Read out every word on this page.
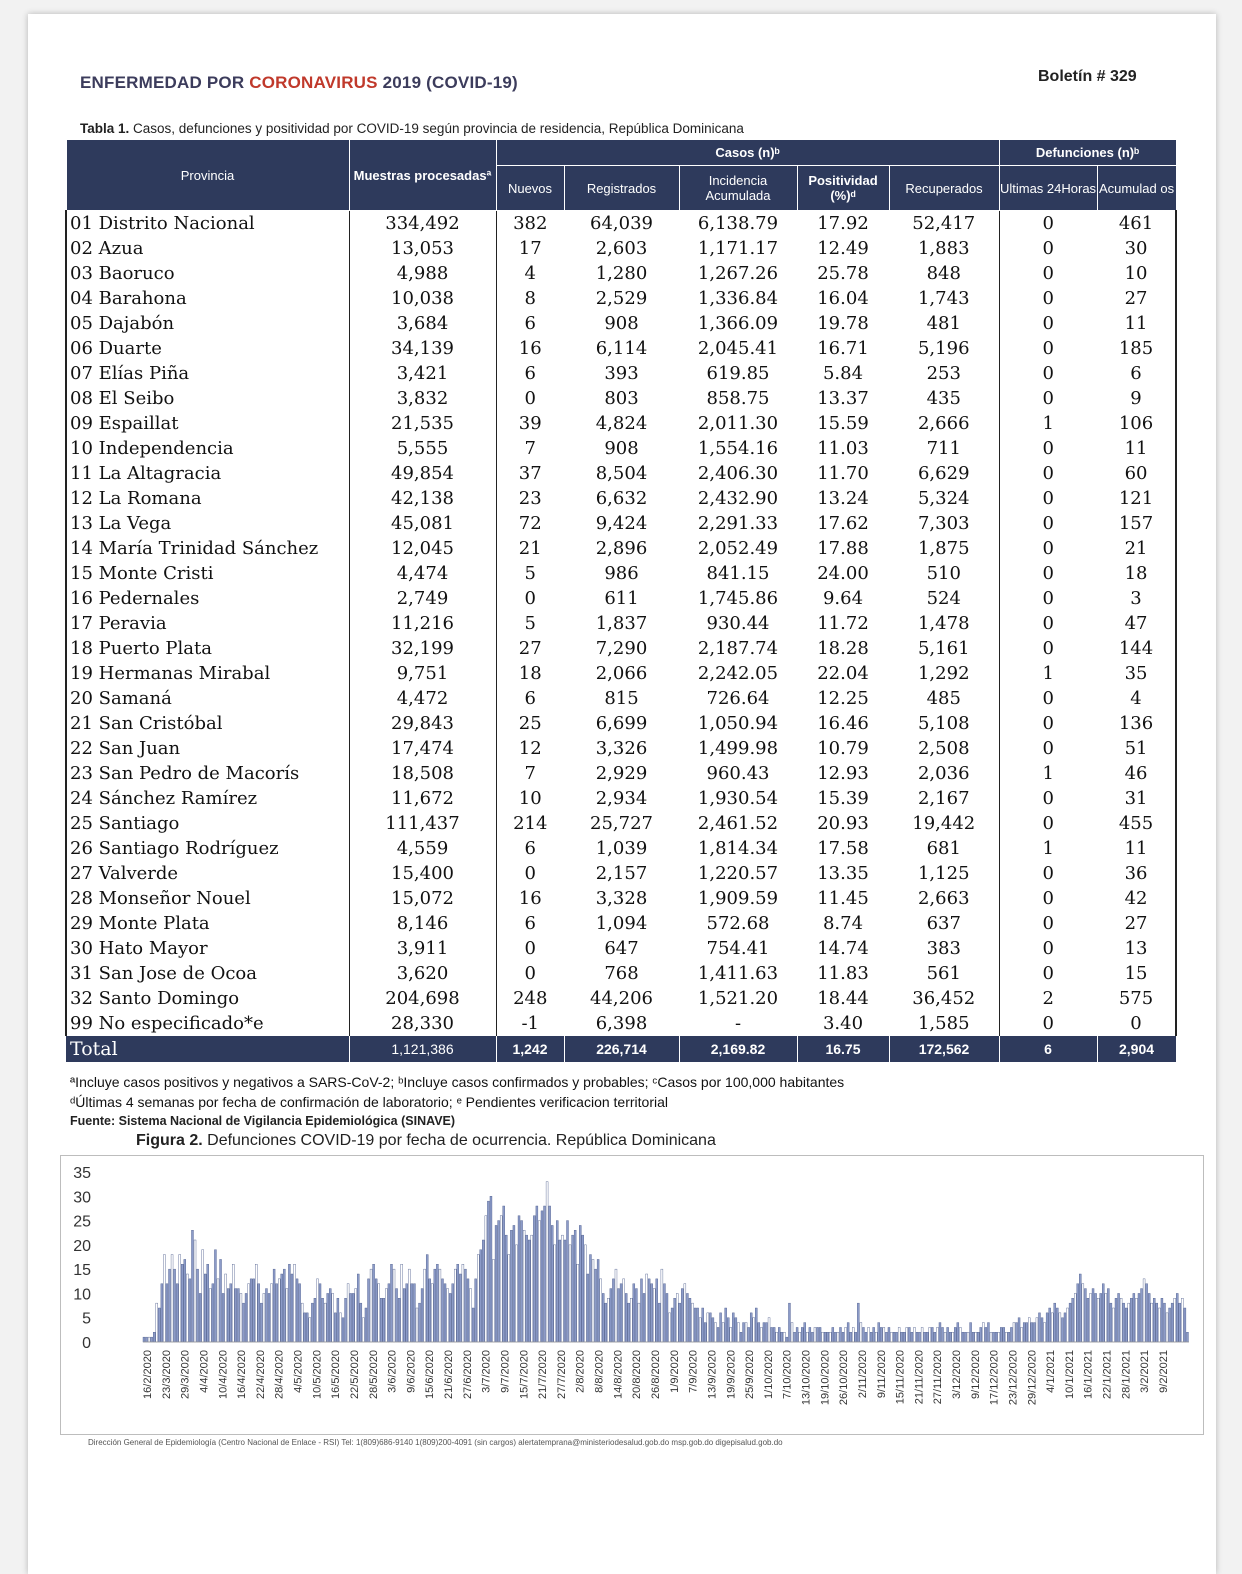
ENFERMEDAD POR CORONAVIRUS 2019 (COVID-19)	Boletín # 329
Tabla 1. Casos, defunciones y positividad por COVID-19 según provincia de residencia, República Dominicana
Provincia	Muestras procesadasª	Casos (n)ᵇ					Defunciones (n)ᵇ	
		Nuevos	Registrados	Incidencia Acumulada	Positividad (%)ᵈ	Recuperados	Ultimas 24Horas	Acumulad os
01 Distrito Nacional	334,492	382	64,039	6,138.79	17.92	52,417	0	461
02 Azua	13,053	17	2,603	1,171.17	12.49	1,883	0	30
03 Baoruco	4,988	4	1,280	1,267.26	25.78	848	0	10
04 Barahona	10,038	8	2,529	1,336.84	16.04	1,743	0	27
05 Dajabón	3,684	6	908	1,366.09	19.78	481	0	11
06 Duarte	34,139	16	6,114	2,045.41	16.71	5,196	0	185
07 Elías Piña	3,421	6	393	619.85	5.84	253	0	6
08 El Seibo	3,832	0	803	858.75	13.37	435	0	9
09 Espaillat	21,535	39	4,824	2,011.30	15.59	2,666	1	106
10 Independencia	5,555	7	908	1,554.16	11.03	711	0	11
11 La Altagracia	49,854	37	8,504	2,406.30	11.70	6,629	0	60
12 La Romana	42,138	23	6,632	2,432.90	13.24	5,324	0	121
13 La Vega	45,081	72	9,424	2,291.33	17.62	7,303	0	157
14 María Trinidad Sánchez	12,045	21	2,896	2,052.49	17.88	1,875	0	21
15 Monte Cristi	4,474	5	986	841.15	24.00	510	0	18
16 Pedernales	2,749	0	611	1,745.86	9.64	524	0	3
17 Peravia	11,216	5	1,837	930.44	11.72	1,478	0	47
18 Puerto Plata	32,199	27	7,290	2,187.74	18.28	5,161	0	144
19 Hermanas Mirabal	9,751	18	2,066	2,242.05	22.04	1,292	1	35
20 Samaná	4,472	6	815	726.64	12.25	485	0	4
21 San Cristóbal	29,843	25	6,699	1,050.94	16.46	5,108	0	136
22 San Juan	17,474	12	3,326	1,499.98	10.79	2,508	0	51
23 San Pedro de Macorís	18,508	7	2,929	960.43	12.93	2,036	1	46
24 Sánchez Ramírez	11,672	10	2,934	1,930.54	15.39	2,167	0	31
25 Santiago	111,437	214	25,727	2,461.52	20.93	19,442	0	455
26 Santiago Rodríguez	4,559	6	1,039	1,814.34	17.58	681	1	11
27 Valverde	15,400	0	2,157	1,220.57	13.35	1,125	0	36
28 Monseñor Nouel	15,072	16	3,328	1,909.59	11.45	2,663	0	42
29 Monte Plata	8,146	6	1,094	572.68	8.74	637	0	27
30 Hato Mayor	3,911	0	647	754.41	14.74	383	0	13
31 San Jose de Ocoa	3,620	0	768	1,411.63	11.83	561	0	15
32 Santo Domingo	204,698	248	44,206	1,521.20	18.44	36,452	2	575
99 No especificado*e	28,330	-1	6,398	-	3.40	1,585	0	0
Total	1,121,386	1,242	226,714	2,169.82	16.75	172,562	6	2,904
ªIncluye casos positivos y negativos a SARS-CoV-2; ᵇIncluye casos confirmados y probables; ᶜCasos por 100,000 habitantes
ᵈÚltimas 4 semanas por fecha de confirmación de laboratorio; ᵉ Pendientes verificacion territorial
Fuente: Sistema Nacional de Vigilancia Epidemiológica (SINAVE)
Figura 2. Defunciones COVID-19 por fecha de ocurrencia. República Dominicana
0
5
10
15
20
25
30
35
16/2/2020 23/3/2020 29/3/2020 4/4/2020 10/4/2020 16/4/2020 22/4/2020 28/4/2020 4/5/2020 10/5/2020 16/5/2020 22/5/2020 28/5/2020 3/6/2020 9/6/2020 15/6/2020 21/6/2020 27/6/2020 3/7/2020 9/7/2020 15/7/2020 21/7/2020 27/7/2020 2/8/2020 8/8/2020 14/8/2020 20/8/2020 26/8/2020 1/9/2020 7/9/2020 13/9/2020 19/9/2020 25/9/2020 1/10/2020 7/10/2020 13/10/2020 19/10/2020 26/10/2020 2/11/2020 9/11/2020 15/11/2020 21/11/2020 27/11/2020 3/12/2020 9/12/2020 17/12/2020 23/12/2020 29/12/2020 4/1/2021 10/1/2021 16/1/2021 22/1/2021 28/1/2021 3/2/2021 9/2/2021
Dirección General de Epidemiología (Centro Nacional de Enlace - RSI) Tel: 1(809)686-9140 1(809)200-4091 (sin cargos) alertatemprana@ministeriodesalud.gob.do msp.gob.do digepisalud.gob.do
